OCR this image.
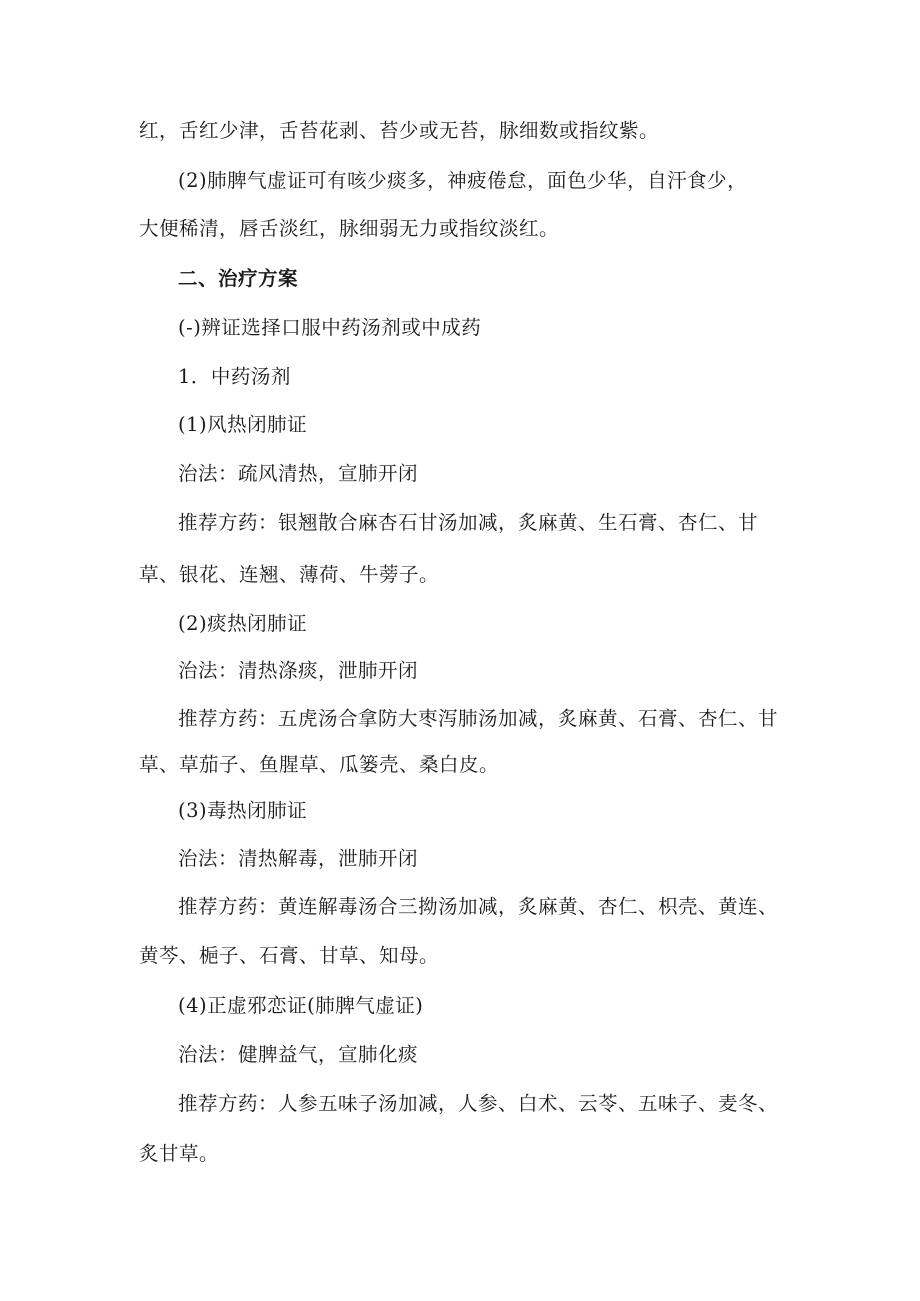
红，舌红少津，舌苔花剥、苔少或无苔，脉细数或指纹紫。
(2)肺脾气虚证可有咳少痰多，神疲倦怠，面色少华，自汗食少，
大便稀清，唇舌淡红，脉细弱无力或指纹淡红。
二、治疗方案
(-)辨证选择口服中药汤剂或中成药
1．中药汤剂
(1)风热闭肺证
治法：疏风清热，宣肺开闭
推荐方药：银翘散合麻杏石甘汤加减，炙麻黄、生石膏、杏仁、甘
草、银花、连翘、薄荷、牛蒡子。
(2)痰热闭肺证
治法：清热涤痰，泄肺开闭
推荐方药：五虎汤合拿防大枣泻肺汤加减，炙麻黄、石膏、杏仁、甘
草、草茄子、鱼腥草、瓜篓壳、桑白皮。
(3)毒热闭肺证
治法：清热解毒，泄肺开闭
推荐方药：黄连解毒汤合三拗汤加减，炙麻黄、杏仁、枳壳、黄连、
黄芩、梔子、石膏、甘草、知母。
(4)正虚邪恋证(肺脾气虚证)
治法：健脾益气，宣肺化痰
推荐方药：人参五味子汤加减，人参、白术、云苓、五味子、麦冬、
炙甘草。
